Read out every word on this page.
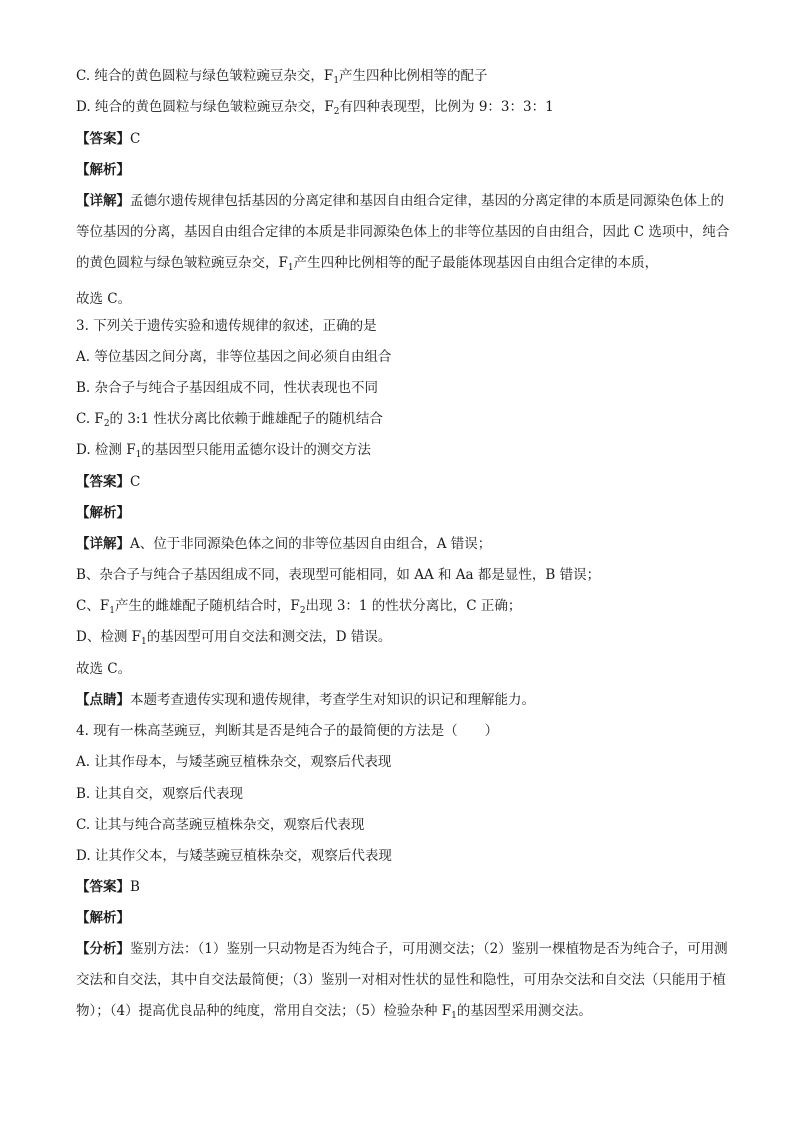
C. 纯合的黄色圆粒与绿色皱粒豌豆杂交，$F_1$产生四种比例相等的配子
D. 纯合的黄色圆粒与绿色皱粒豌豆杂交，$F_2$有四种表现型，比例为 9：3：3：1
【答案】C
【解析】
【详解】孟德尔遗传规律包括基因的分离定律和基因自由组合定律，基因的分离定律的本质是同源染色体上的等位基因的分离，基因自由组合定律的本质是非同源染色体上的非等位基因的自由组合，因此 C 选项中，纯合的黄色圆粒与绿色皱粒豌豆杂交，$F_1$产生四种比例相等的配子最能体现基因自由组合定律的本质，
故选 C。
3. 下列关于遗传实验和遗传规律的叙述，正确的是
A. 等位基因之间分离，非等位基因之间必须自由组合
B. 杂合子与纯合子基因组成不同，性状表现也不同
C. $F_2$的 3:1 性状分离比依赖于雌雄配子的随机结合
D. 检测 $F_1$的基因型只能用孟德尔设计的测交方法
【答案】C
【解析】
【详解】A、位于非同源染色体之间的非等位基因自由组合，A 错误；
B、杂合子与纯合子基因组成不同，表现型可能相同，如 AA 和 Aa 都是显性，B 错误；
C、$F_1$产生的雌雄配子随机结合时，$F_2$出现 3：1 的性状分离比，C 正确；
D、检测 $F_1$的基因型可用自交法和测交法，D 错误。
故选 C。
【点睛】本题考查遗传实现和遗传规律，考查学生对知识的识记和理解能力。
4. 现有一株高茎豌豆，判断其是否是纯合子的最简便的方法是（　　）
A. 让其作母本，与矮茎豌豆植株杂交，观察后代表现
B. 让其自交，观察后代表现
C. 让其与纯合高茎豌豆植株杂交，观察后代表现
D. 让其作父本，与矮茎豌豆植株杂交，观察后代表现
【答案】B
【解析】
【分析】鉴别方法：（1）鉴别一只动物是否为纯合子，可用测交法；（2）鉴别一棵植物是否为纯合子，可用测交法和自交法，其中自交法最简便；（3）鉴别一对相对性状的显性和隐性，可用杂交法和自交法（只能用于植物）；（4）提高优良品种的纯度，常用自交法；（5）检验杂种 $F_1$的基因型采用测交法。
